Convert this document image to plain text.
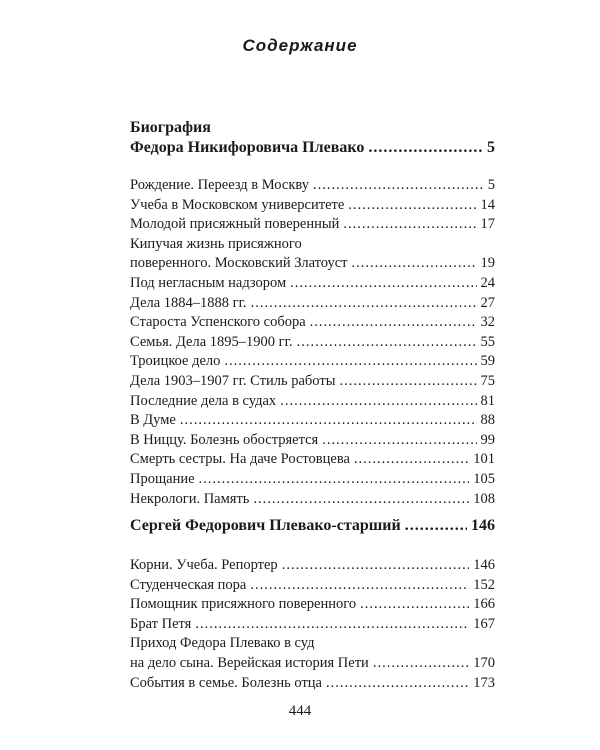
Содержание
Биография
Федора Никифоровича Плевако .....	5
Рождение. Переезд в Москву .....	5
Учеба в Московском университете .....	14
Молодой присяжный поверенный .....	17
Кипучая жизнь присяжного
поверенного. Московский Златоуст .....	19
Под негласным надзором .....	24
Дела 1884–1888 гг. .....	27
Староста Успенского собора .....	32
Семья. Дела 1895–1900 гг. .....	55
Троицкое дело .....	59
Дела 1903–1907 гг. Стиль работы .....	75
Последние дела в судах .....	81
В Думе .....	88
В Ниццу. Болезнь обостряется .....	99
Смерть сестры. На даче Ростовцева .....	101
Прощание .....	105
Некрологи. Память .....	108
Сергей Федорович Плевако-старший .....	146
Корни. Учеба. Репортер .....	146
Студенческая пора .....	152
Помощник присяжного поверенного .....	166
Брат Петя .....	167
Приход Федора Плевако в суд
на дело сына. Верейская история Пети .....	170
События в семье. Болезнь отца .....	173
444
